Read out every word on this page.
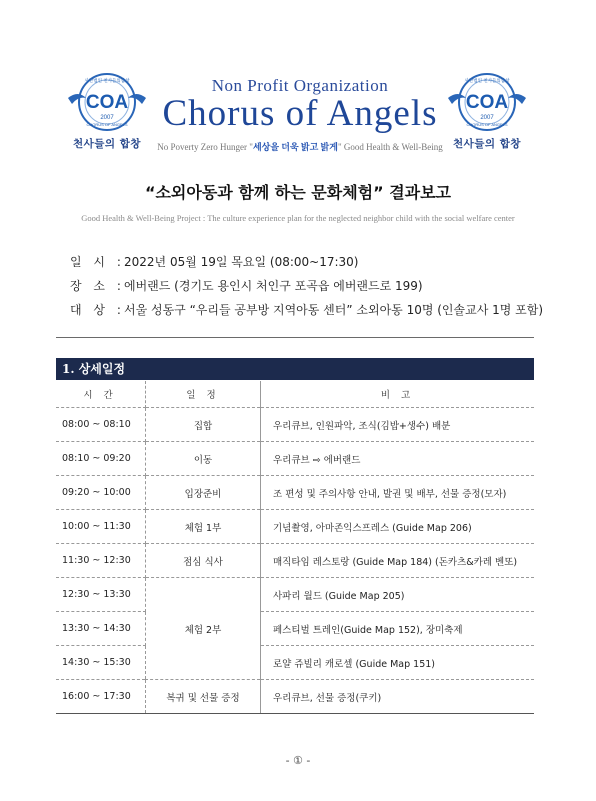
COA
2007
사단법인 천사들의합창
CHORUS OF ANGELS
천사들의 합창
COA
2007
사단법인 천사들의합창
CHORUS OF ANGELS
천사들의 합창
Non Profit Organization
Chorus of Angels
No Poverty Zero Hunger "세상을 더욱 밝고 밝게" Good Health & Well-Being
“소외아동과 함께 하는 문화체험” 결과보고
Good Health & Well-Being Project : The culture experience plan for the neglected neighbor child with the social welfare center
일 시 :2022년 05월 19일 목요일 (08:00~17:30)
장 소 :에버랜드 (경기도 용인시 처인구 포곡읍 에버랜드로 199)
대 상 :서울 성동구 “우리들 공부방 지역아동 센터” 소외아동 10명 (인솔교사 1명 포함)
1. 상세일정
시 간	일 정	비 고
08:00 ~ 08:10	집합	우리큐브, 인원파악, 조식(김밥+생수) 배분
08:10 ~ 09:20	이동	우리큐브 ⇨ 에버랜드
09:20 ~ 10:00	입장준비	조 편성 및 주의사항 안내, 발권 및 배부, 선물 증정(모자)
10:00 ~ 11:30	체험 1부	기념촬영, 아마존익스프레스 (Guide Map 206)
11:30 ~ 12:30	점심 식사	매직타임 레스토랑 (Guide Map 184) (돈카츠&카레 벤또)
12:30 ~ 13:30	체험 2부	사파리 월드 (Guide Map 205)
13:30 ~ 14:30		페스티벌 트레인(Guide Map 152), 장미축제
14:30 ~ 15:30		로얄 쥬빌리 캐로셀 (Guide Map 151)
16:00 ~ 17:30	복귀 및 선물 증정	우리큐브, 선물 증정(쿠키)
- ① -
